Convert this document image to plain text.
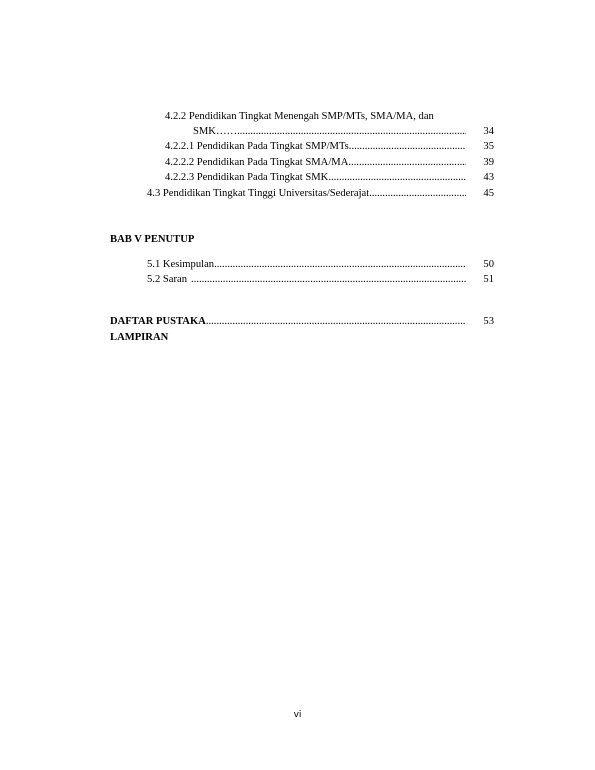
4.2.2 Pendidikan Tingkat Menengah SMP/MTs, SMA/MA, dan
SMK…… .....	34
4.2.2.1 Pendidikan Pada Tingkat SMP/MTs .....	35
4.2.2.2 Pendidikan Pada Tingkat SMA/MA .....	39
4.2.2.3 Pendidikan Pada Tingkat SMK .....	43
4.3 Pendidikan Tingkat Tinggi Universitas/Sederajat .....	45
BAB V PENUTUP
5.1 Kesimpulan .....	50
5.2 Saran .....	51
DAFTAR PUSTAKA .....	53
LAMPIRAN
vi
